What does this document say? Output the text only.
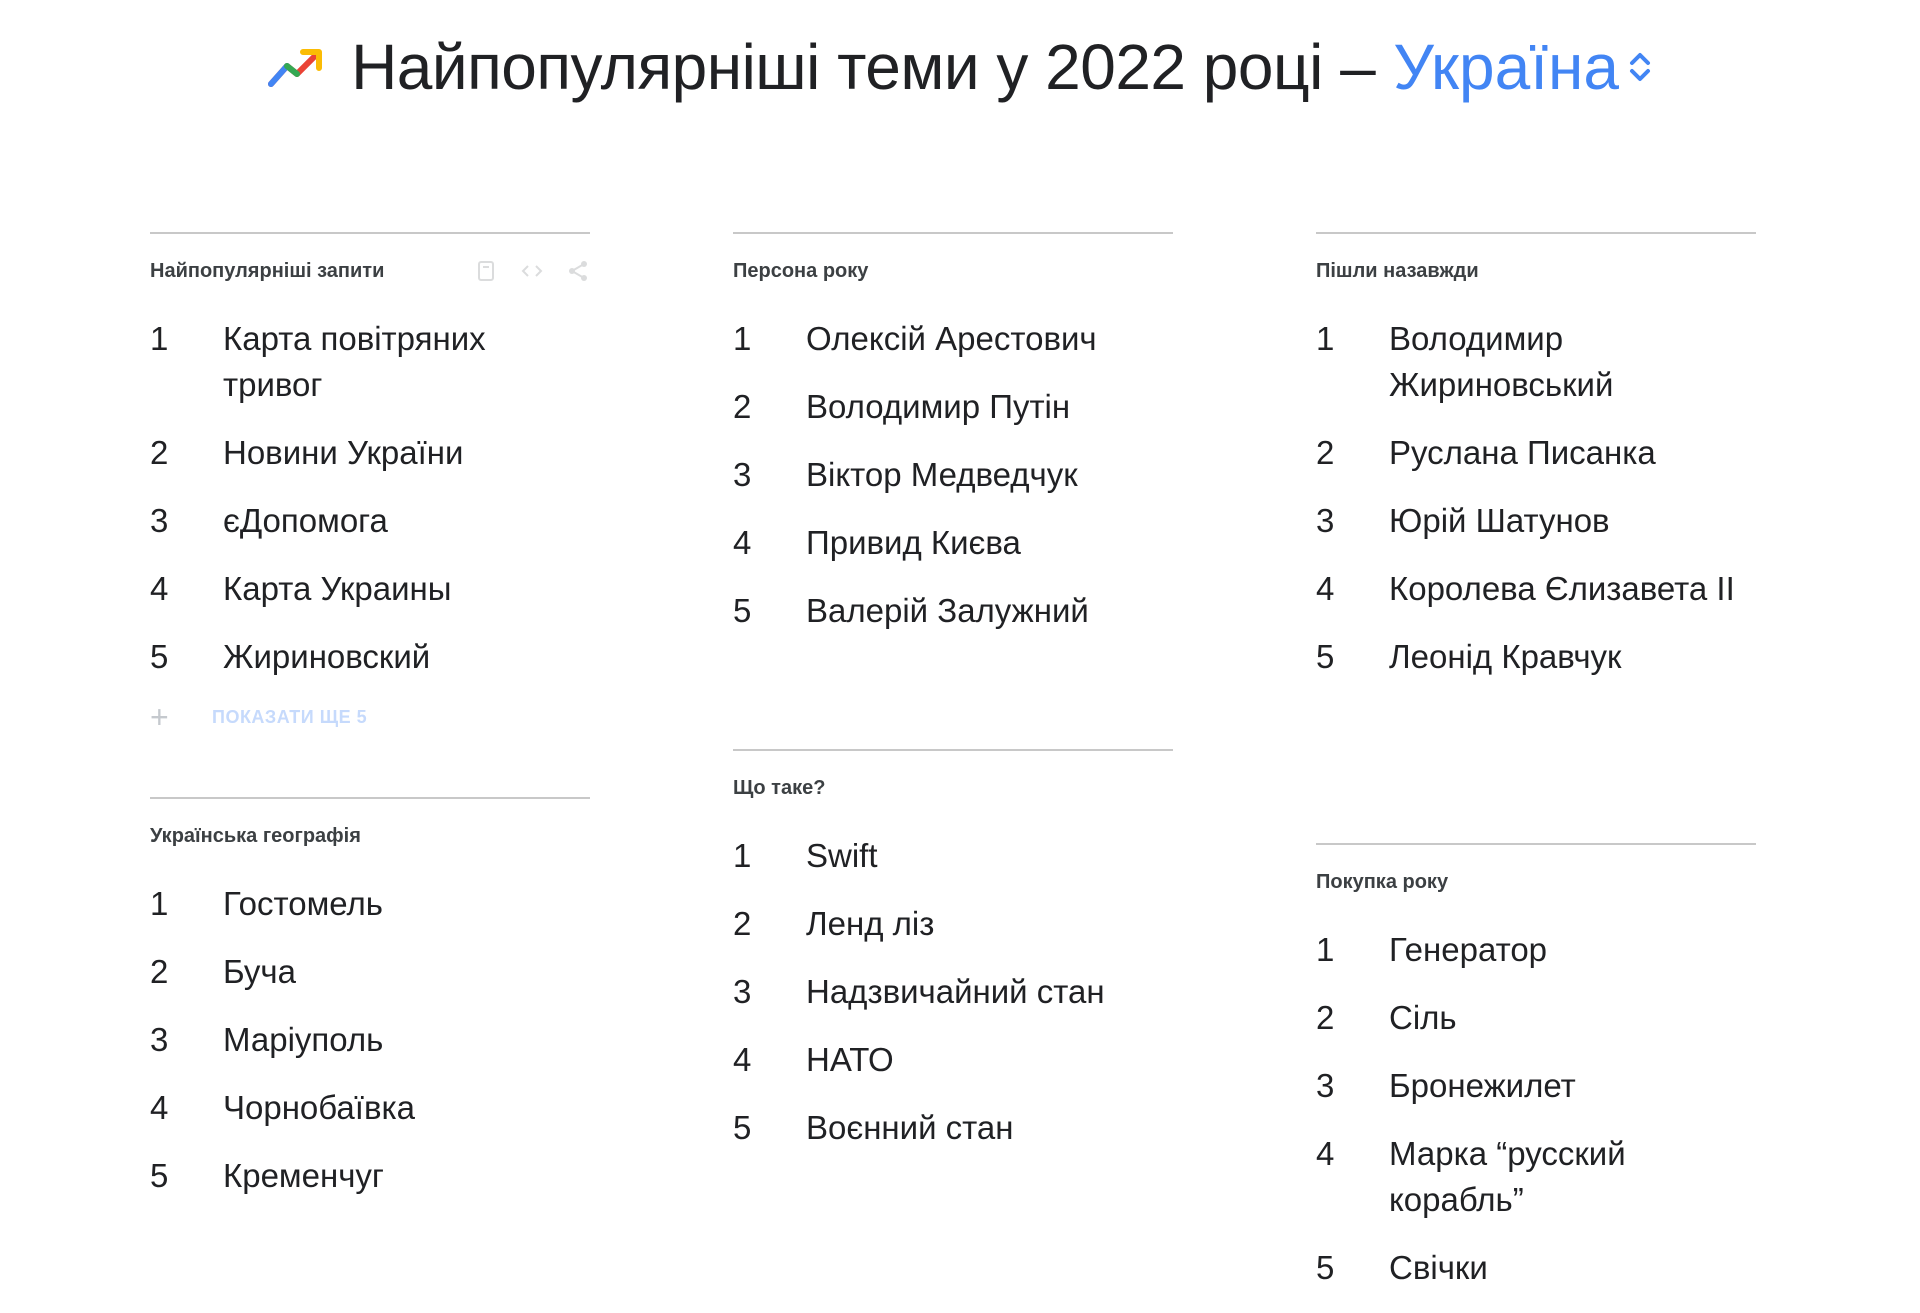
Найпопулярніші теми у 2022 році – Україна
Найпопулярніші запити
1	Карта повітряних тривог
2	Новини України
3	єДопомога
4	Карта Украины
5	Жириновский
+	ПОКАЗАТИ ЩЕ 5
Українська географія
1	Гостомель
2	Буча
3	Маріуполь
4	Чорнобаївка
5	Кременчуг
Персона року
1	Олексій Арестович
2	Володимир Путін
3	Віктор Медведчук
4	Привид Києва
5	Валерій Залужний
Що таке?
1	Swift
2	Ленд ліз
3	Надзвичайний стан
4	НАТО
5	Воєнний стан
Пішли назавжди
1	Володимир Жириновський
2	Руслана Писанка
3	Юрій Шатунов
4	Королева Єлизавета II
5	Леонід Кравчук
Покупка року
1	Генератор
2	Сіль
3	Бронежилет
4	Марка “русский корабль”
5	Свічки
